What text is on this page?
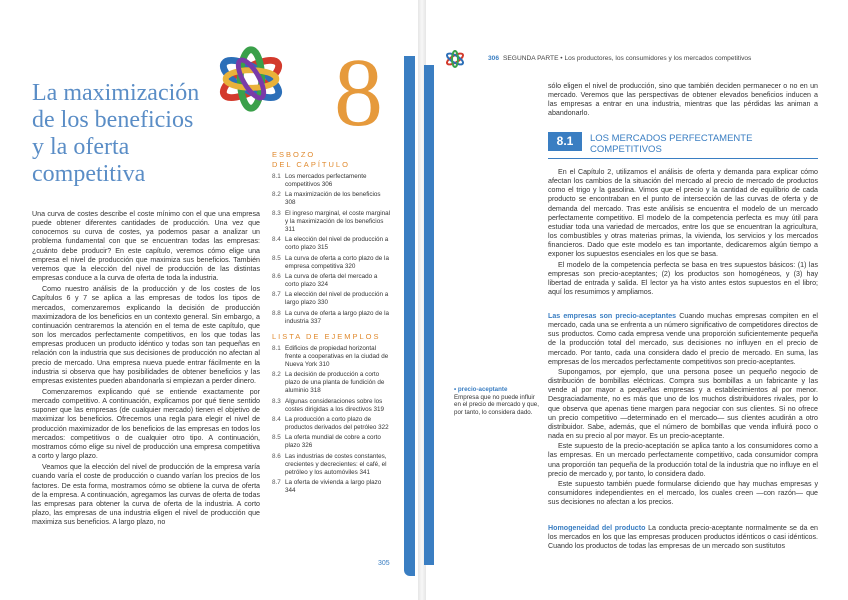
8
La maximización
de los beneficios
y la oferta
competitiva

Una curva de costes describe el coste mínimo con el que una empresa puede obtener diferentes cantidades de producción. Una vez que conocemos su curva de costes, ya podemos pasar a analizar un problema fundamental con que se encuentran todas las empresas: ¿cuánto debe producir? En este capítulo, veremos cómo elige una empresa el nivel de producción que maximiza sus beneficios. También veremos que la elección del nivel de producción de las distintas empresas conduce a la curva de oferta de toda la industria.

Como nuestro análisis de la producción y de los costes de los Capítulos 6 y 7 se aplica a las empresas de todos los tipos de mercados, comenzaremos explicando la decisión de producción maximizadora de los beneficios en un contexto general. Sin embargo, a continuación centraremos la atención en el tema de este capítulo, que son los mercados perfectamente competitivos, en los que todas las empresas producen un producto idéntico y todas son tan pequeñas en relación con la industria que sus decisiones de producción no afectan al precio de mercado. Una empresa nueva puede entrar fácilmente en la industria si observa que hay posibilidades de obtener beneficios y las empresas existentes pueden abandonarla si empiezan a perder dinero.

Comenzaremos explicando qué se entiende exactamente por mercado competitivo. A continuación, explicamos por qué tiene sentido suponer que las empresas (de cualquier mercado) tienen el objetivo de maximizar los beneficios. Ofrecemos una regla para elegir el nivel de producción maximizador de los beneficios de las empresas en todos los mercados: competitivos o de cualquier otro tipo. A continuación, mostramos cómo elige su nivel de producción una empresa competitiva a corto y largo plazo.

Veamos que la elección del nivel de producción de la empresa varía cuando varía el coste de producción o cuando varían los precios de los factores. De esta forma, mostramos cómo se obtiene la curva de oferta de la empresa. A continuación, agregamos las curvas de oferta de todas las empresas para obtener la curva de oferta de la industria. A corto plazo, las empresas de una industria eligen el nivel de producción que maximiza sus beneficios. A largo plazo, no

ESBOZO
DEL CAPÍTULO
8.1 Los mercados perfectamente competitivos 306
8.2 La maximización de los beneficios 308
8.3 El ingreso marginal, el coste marginal y la maximización de los beneficios 311
8.4 La elección del nivel de producción a corto plazo 315
8.5 La curva de oferta a corto plazo de la empresa competitiva 320
8.6 La curva de oferta del mercado a corto plazo 324
8.7 La elección del nivel de producción a largo plazo 330
8.8 La curva de oferta a largo plazo de la industria 337
LISTA DE EJEMPLOS
8.1 Edificios de propiedad horizontal frente a cooperativas en la ciudad de Nueva York 310
8.2 La decisión de producción a corto plazo de una planta de fundición de aluminio 318
8.3 Algunas consideraciones sobre los costes dirigidas a los directivos 319
8.4 La producción a corto plazo de productos derivados del petróleo 322
8.5 La oferta mundial de cobre a corto plazo 326
8.6 Las industrias de costes constantes, crecientes y decrecientes: el café, el petróleo y los automóviles 341
8.7 La oferta de vivienda a largo plazo 344
305
306 SEGUNDA PARTE • Los productores, los consumidores y los mercados competitivos

sólo eligen el nivel de producción, sino que también deciden permanecer o no en un mercado. Veremos que las perspectivas de obtener elevados beneficios inducen a las empresas a entrar en una industria, mientras que las pérdidas las animan a abandonarlo.

8.1	LOS MERCADOS PERFECTAMENTE COMPETITIVOS

En el Capítulo 2, utilizamos el análisis de oferta y demanda para explicar cómo afectan los cambios de la situación del mercado al precio de mercado de productos como el trigo y la gasolina. Vimos que el precio y la cantidad de equilibrio de cada producto se encontraban en el punto de intersección de las curvas de oferta y de demanda del mercado. Tras este análisis se encuentra el modelo de un mercado perfectamente competitivo. El modelo de la competencia perfecta es muy útil para estudiar toda una variedad de mercados, entre los que se encuentran la agricultura, los combustibles y otras materias primas, la vivienda, los servicios y los mercados financieros. Dado que este modelo es tan importante, dedicaremos algún tiempo a exponer los supuestos esenciales en los que se basa.

El modelo de la competencia perfecta se basa en tres supuestos básicos: (1) las empresas son precio-aceptantes; (2) los productos son homogéneos, y (3) hay libertad de entrada y salida. El lector ya ha visto antes estos supuestos en el libro; aquí los resumimos y ampliamos.

Las empresas son precio-aceptantes Cuando muchas empresas compiten en el mercado, cada una se enfrenta a un número significativo de competidores directos de sus productos. Como cada empresa vende una proporción suficientemente pequeña de la producción total del mercado, sus decisiones no influyen en el precio de mercado. Por tanto, cada una considera dado el precio de mercado. En suma, las empresas de los mercados perfectamente competitivos son precio-aceptantes.

Supongamos, por ejemplo, que una persona posee un pequeño negocio de distribución de bombillas eléctricas. Compra sus bombillas a un fabricante y las vende al por mayor a pequeñas empresas y a establecimientos al por menor. Desgraciadamente, no es más que uno de los muchos distribuidores rivales, por lo que observa que apenas tiene margen para negociar con sus clientes. Si no ofrece un precio competitivo —determinado en el mercado— sus clientes acudirán a otro distribuidor. Sabe, además, que el número de bombillas que venda influirá poco o nada en su precio al por mayor. Es un precio-aceptante.

Este supuesto de la precio-aceptación se aplica tanto a los consumidores como a las empresas. En un mercado perfectamente competitivo, cada consumidor compra una proporción tan pequeña de la producción total de la industria que no influye en el precio de mercado y, por tanto, lo considera dado.

Este supuesto también puede formularse diciendo que hay muchas empresas y consumidores independientes en el mercado, los cuales creen —con razón— que sus decisiones no afectan a los precios.

Homogeneidad del producto La conducta precio-aceptante normalmente se da en los mercados en los que las empresas producen productos idénticos o casi idénticos. Cuando los productos de todas las empresas de un mercado son sustitutos

• precio-aceptante
Empresa que no puede influir en el precio de mercado y que, por tanto, lo considera dado.
